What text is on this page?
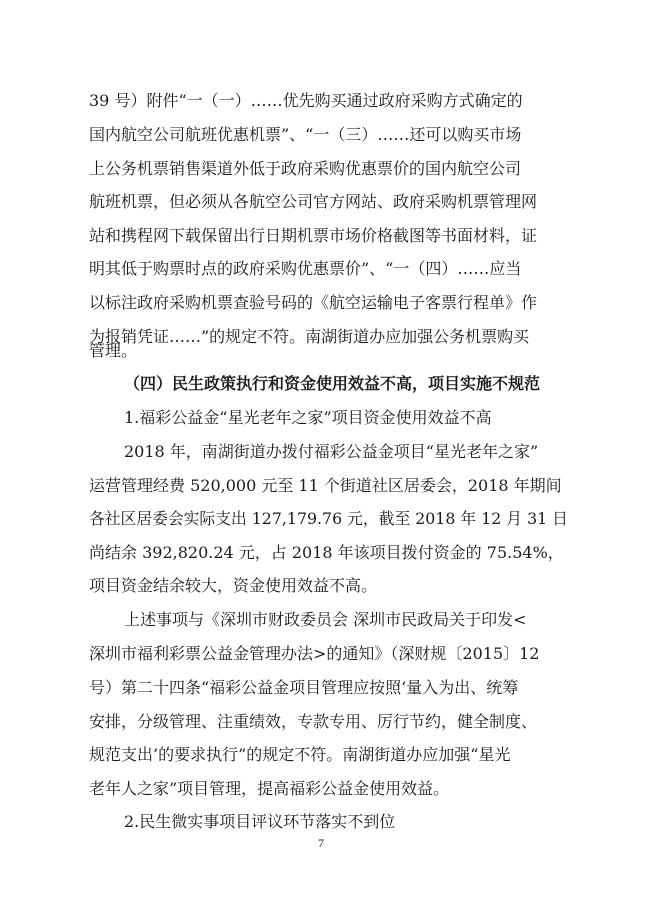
39 号）附件“一（一）……优先购买通过政府采购方式确定的
国内航空公司航班优惠机票”、“一（三）……还可以购买市场
上公务机票销售渠道外低于政府采购优惠票价的国内航空公司
航班机票，但必须从各航空公司官方网站、政府采购机票管理网
站和携程网下载保留出行日期机票市场价格截图等书面材料，证
明其低于购票时点的政府采购优惠票价”、“一（四）……应当
以标注政府采购机票查验号码的《航空运输电子客票行程单》作
为报销凭证……”的规定不符。南湖街道办应加强公务机票购买
管理。
（四）民生政策执行和资金使用效益不高，项目实施不规范
1.福彩公益金“星光老年之家”项目资金使用效益不高
2018 年，南湖街道办拨付福彩公益金项目“星光老年之家”
运营管理经费 520,000 元至 11 个街道社区居委会，2018 年期间
各社区居委会实际支出 127,179.76 元，截至 2018 年 12 月 31 日
尚结余 392,820.24 元，占 2018 年该项目拨付资金的 75.54%，
项目资金结余较大，资金使用效益不高。
上述事项与《深圳市财政委员会 深圳市民政局关于印发<
深圳市福利彩票公益金管理办法>的通知》（深财规〔2015〕12
号）第二十四条“福彩公益金项目管理应按照‘量入为出、统筹
安排，分级管理、注重绩效，专款专用、厉行节约，健全制度、
规范支出’的要求执行”的规定不符。南湖街道办应加强“星光
老年人之家”项目管理，提高福彩公益金使用效益。
2.民生微实事项目评议环节落实不到位
7
